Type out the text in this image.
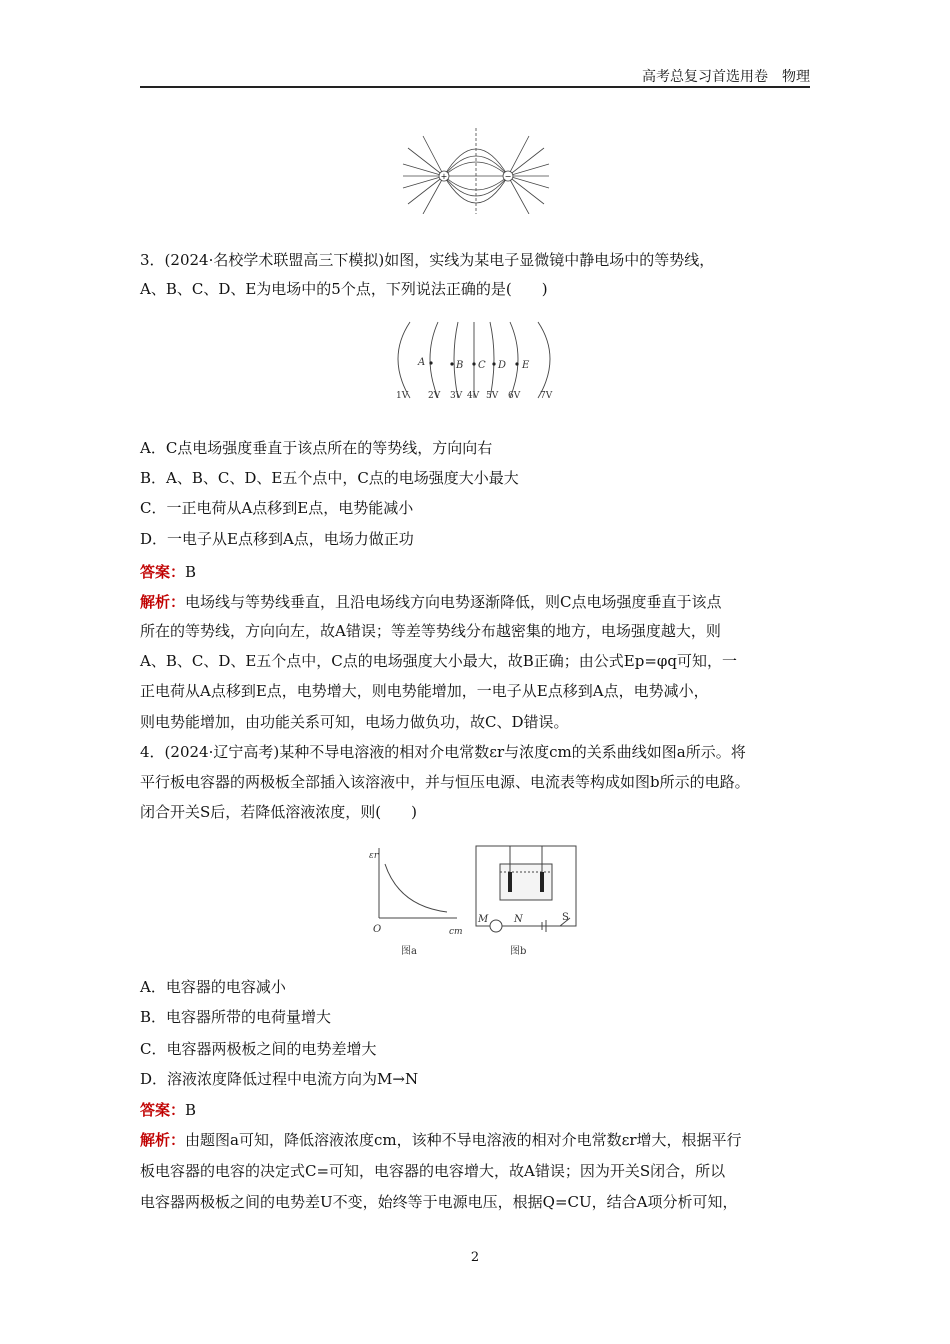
高考总复习首选用卷　物理
+	−
3．(2024·名校学术联盟高三下模拟)如图，实线为某电子显微镜中静电场中的等势线，
A、B、C、D、E为电场中的5个点，下列说法正确的是(　　)
A	B C D E
1V 2V 3V 4V 5V 6V 7V
A．C点电场强度垂直于该点所在的等势线，方向向右
B．A、B、C、D、E五个点中，C点的电场强度大小最大
C．一正电荷从A点移到E点，电势能减小
D．一电子从E点移到A点，电场力做正功
答案：B
解析：电场线与等势线垂直，且沿电场线方向电势逐渐降低，则C点电场强度垂直于该点
所在的等势线，方向向左，故A错误；等差等势线分布越密集的地方，电场强度越大，则
A、B、C、D、E五个点中，C点的电场强度大小最大，故B正确；由公式Ep=φq可知，一
正电荷从A点移到E点，电势增大，则电势能增加，一电子从E点移到A点，电势减小，
则电势能增加，由功能关系可知，电场力做负功，故C、D错误。
4．(2024·辽宁高考)某种不导电溶液的相对介电常数εr与浓度cm的关系曲线如图a所示。将
平行板电容器的两极板全部插入该溶液中，并与恒压电源、电流表等构成如图b所示的电路。
闭合开关S后，若降低溶液浓度，则(　　)
εr
cm
O
图a
M	N	S
图b
A．电容器的电容减小
B．电容器所带的电荷量增大
C．电容器两极板之间的电势差增大
D．溶液浓度降低过程中电流方向为M→N
答案：B
解析：由题图a可知，降低溶液浓度cm，该种不导电溶液的相对介电常数εr增大，根据平行
板电容器的电容的决定式C=可知，电容器的电容增大，故A错误；因为开关S闭合，所以
电容器两极板之间的电势差U不变，始终等于电源电压，根据Q=CU，结合A项分析可知，
2
